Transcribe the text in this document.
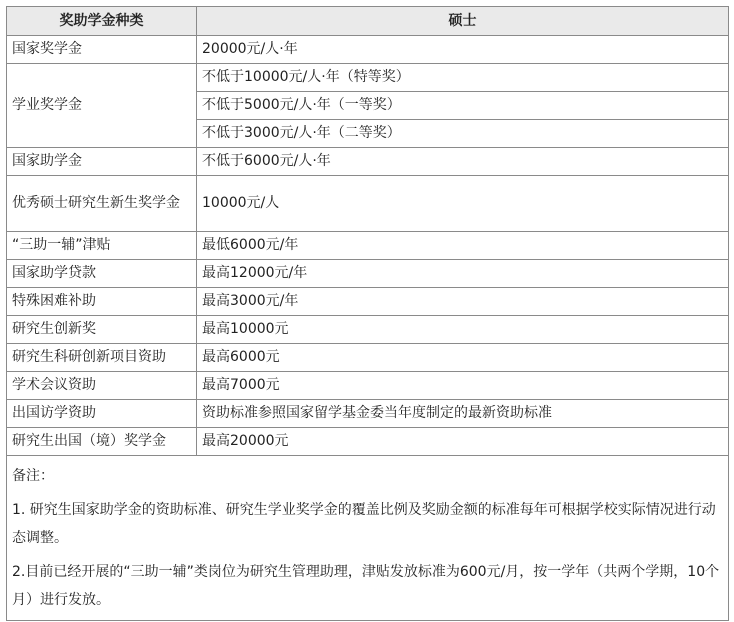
奖助学金种类	硕士
国家奖学金	20000元/人·年
学业奖学金	不低于10000元/人·年（特等奖）
	不低于5000元/人·年（一等奖）
	不低于3000元/人·年（二等奖）
国家助学金	不低于6000元/人·年
优秀硕士研究生新生奖学金	10000元/人
“三助一辅”津贴	最低6000元/年
国家助学贷款	最高12000元/年
特殊困难补助	最高3000元/年
研究生创新奖	最高10000元
研究生科研创新项目资助	最高6000元
学术会议资助	最高7000元
出国访学资助	资助标准参照国家留学基金委当年度制定的最新资助标准
研究生出国（境）奖学金	最高20000元

备注：

1. 研究生国家助学金的资助标准、研究生学业奖学金的覆盖比例及奖励金额的标准每年可根据学校实际情况进行动态调整。

2.目前已经开展的“三助一辅”类岗位为研究生管理助理，津贴发放标准为600元/月，按一学年（共两个学期，10个月）进行发放。	
